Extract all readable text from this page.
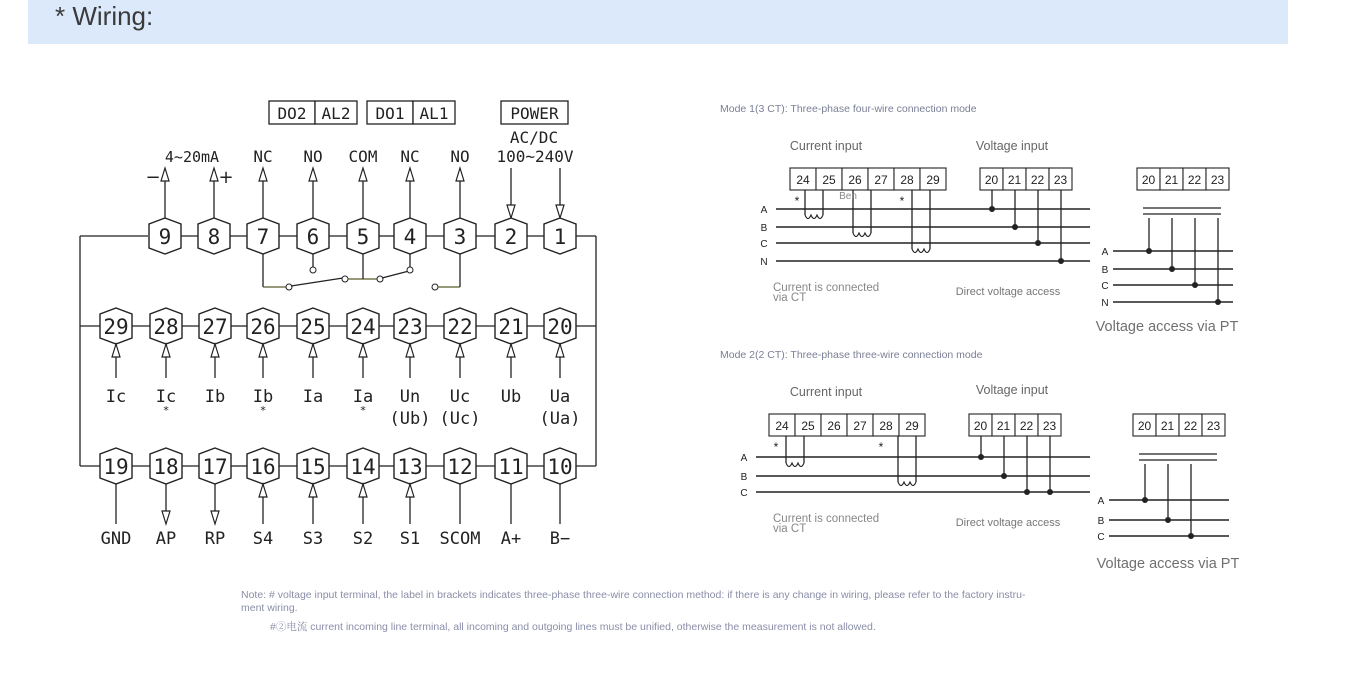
* Wiring:
DO2 AL2 DO1 AL1	POWER
AC/DC
4~20mA
−
9
+
8
NC
7
NO
6
COM
5
NC
4
NO
3
100~240V
2 1
29
Ic
28
Ic
*
27
Ib
26
Ib
*
25
Ia
24
Ia
*
23
Un
(Ub)
22
Uc
(Uc)
21
Ub
20
Ua
(Ua)
19
GND
18
AP
17
RP
16
S4
15
S3
14
S2
13
S1
12
SCOM
11
A+
10
B−
Mode 1(3 CT): Three-phase four-wire connection mode
Current input	Voltage input
24 25 26 27 28 29	20 21 22 23	20 21 22 23
A
B
C
N
*	*
Current is connected
via CT	Direct voltage access
A
B
C
N
Voltage access via PT
Ben
Mode 2(2 CT): Three-phase three-wire connection mode
Current input	Voltage input
24 25 26 27 28 29	20 21 22 23	20 21 22 23
A
B
C
*	*
Current is connected
via CT	Direct voltage access
A
B
C
Voltage access via PT
Note: # voltage input terminal, the label in brackets indicates three-phase three-wire connection method: if there is any change in wiring, please refer to the factory instru-
ment wiring.
#②电流 current incoming line terminal, all incoming and outgoing lines must be unified, otherwise the measurement is not allowed.
